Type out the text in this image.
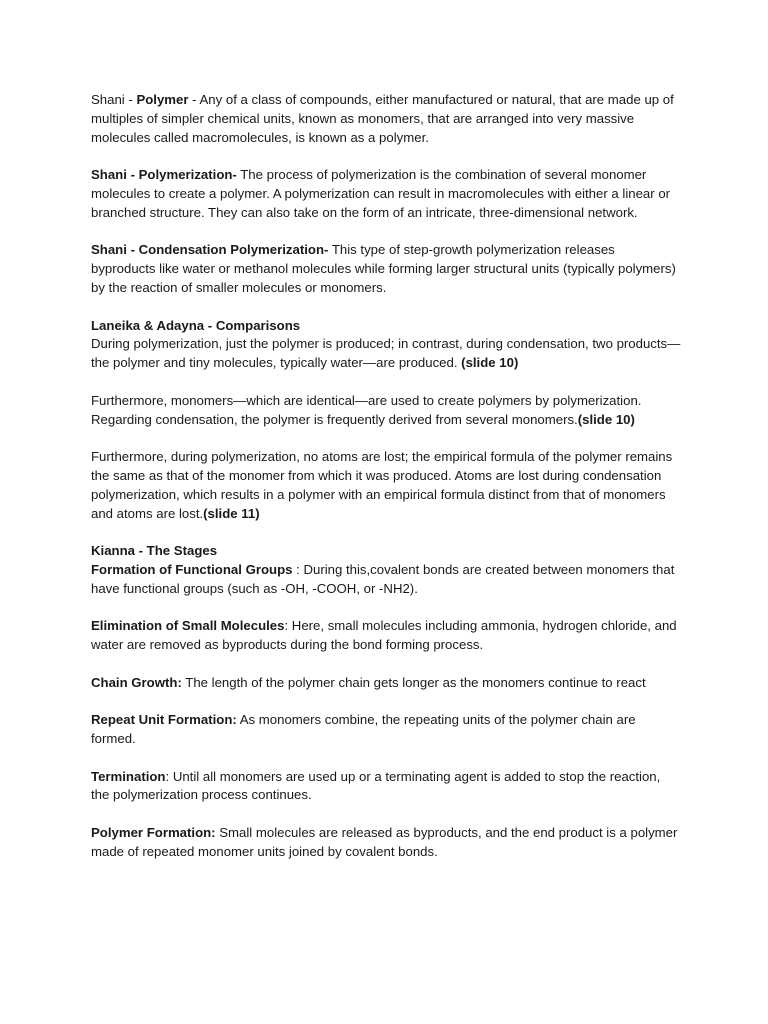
Shani - Polymer - Any of a class of compounds, either manufactured or natural, that are made up of multiples of simpler chemical units, known as monomers, that are arranged into very massive molecules called macromolecules, is known as a polymer.

Shani - Polymerization- The process of polymerization is the combination of several monomer molecules to create a polymer. A polymerization can result in macromolecules with either a linear or branched structure. They can also take on the form of an intricate, three-dimensional network.

Shani - Condensation Polymerization- This type of step-growth polymerization releases byproducts like water or methanol molecules while forming larger structural units (typically polymers) by the reaction of smaller molecules or monomers.

Laneika & Adayna - Comparisons

During polymerization, just the polymer is produced; in contrast, during condensation, two products—the polymer and tiny molecules, typically water—are produced. (slide 10)

Furthermore, monomers—which are identical—are used to create polymers by polymerization. Regarding condensation, the polymer is frequently derived from several monomers.(slide 10)

Furthermore, during polymerization, no atoms are lost; the empirical formula of the polymer remains the same as that of the monomer from which it was produced. Atoms are lost during condensation polymerization, which results in a polymer with an empirical formula distinct from that of monomers and atoms are lost.(slide 11)

Kianna - The Stages

Formation of Functional Groups : During this,covalent bonds are created between monomers that have functional groups (such as -OH, -COOH, or -NH2).

Elimination of Small Molecules: Here, small molecules including ammonia, hydrogen chloride, and water are removed as byproducts during the bond forming process.

Chain Growth: The length of the polymer chain gets longer as the monomers continue to react

Repeat Unit Formation: As monomers combine, the repeating units of the polymer chain are formed.

Termination: Until all monomers are used up or a terminating agent is added to stop the reaction, the polymerization process continues.

Polymer Formation: Small molecules are released as byproducts, and the end product is a polymer made of repeated monomer units joined by covalent bonds.
